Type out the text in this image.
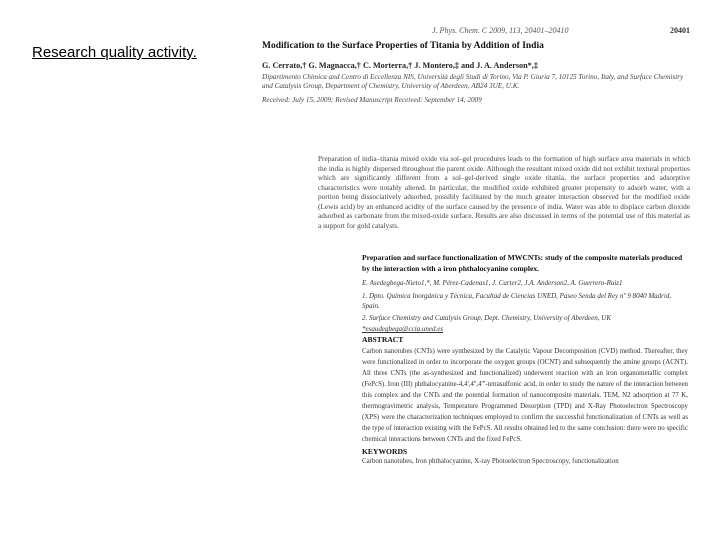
Research quality activity.
J. Phys. Chem. C 2009, 113, 20401–20410	20401
Modification to the Surface Properties of Titania by Addition of India
G. Cerrato,† G. Magnacca,† C. Morterra,† J. Montero,‡ and J. A. Anderson*,‡
Dipartimento Chimica and Centro di Eccellenza NIS, Università degli Studi di Torino, Via P. Giuria 7, 10125 Torino, Italy, and Surface Chemistry and Catalysis Group, Department of Chemistry, University of Aberdeen, AB24 3UE, U.K.
Received: July 15, 2009; Revised Manuscript Received: September 14, 2009
Preparation of india–titania mixed oxide via sol–gel procedures leads to the formation of high surface area materials in which the india is highly dispersed throughout the parent oxide. Although the resultant mixed oxide did not exhibit textural properties which are significantly different from a sol–gel-derived single oxide titania, the surface properties and adsorptive characteristics were notably altered. In particular, the modified oxide exhibited greater propensity to adsorb water, with a portion being dissociatively adsorbed, possibly facilitated by the much greater interaction observed for the modified oxide (Lewis acid) by an enhanced acidity of the surface caused by the presence of india. Water was able to displace carbon dioxide adsorbed as carbonate from the mixed-oxide surface. Results are also discussed in terms of the potential use of this material as a support for gold catalysts.
Preparation and surface functionalization of MWCNTs: study of the composite materials produced by the interaction with a iron phthalocyanine complex.
E. Asedegbega-Nieto1,*, M. Pérez-Cadenas1, J. Carter2, J.A. Anderson2, A. Guerrero-Ruiz1

1. Dpto. Química Inorgánica y Técnica, Facultad de Ciencias UNED, Paseo Senda del Rey nº 9 8040 Madrid, Spain.

2. Surface Chemistry and Catalysis Group, Dept. Chemistry, University of Aberdeen, UK

*esaudegbega@ccia.uned.es
ABSTRACT
Carbon nanotubes (CNTs) were synthesized by the Catalytic Vapour Decomposition (CVD) method. Thereafter, they were functionalized in order to incorporate the oxygen groups (OCNT) and subsequently the amine groups (ACNT). All three CNTs (the as-synthesized and functionalized) underwent reaction with an iron organometallic complex (FePcS). Iron (III) phthalocyanine-4,4',4'',4'''-tetrasulfonic acid, in order to study the nature of the interaction between this complex and the CNTs and the potential formation of nanocomposite materials. TEM, N2 adsorption at 77 K, thermogravimetric analysis, Temperature Programmed Desorption (TPD) and X-Ray Photoelectron Spectroscopy (XPS) were the characterization techniques employed to confirm the successful functionalization of CNTs as well as the type of interaction existing with the FePcS. All results obtained led to the same conclusion: there were no specific chemical interactions between CNTs and the fixed FePcS.
KEYWORDS
Carbon nanotubes, Iron phthalocyanine, X-ray Photoelectron Spectroscopy, functionalization
